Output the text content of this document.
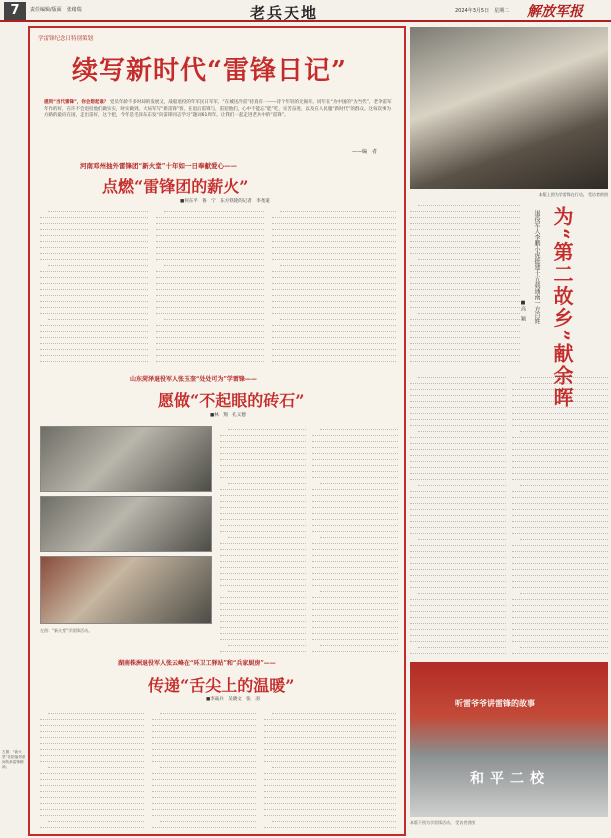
7	责任编辑/版面　张绪瑞	老兵天地	2024年3月5日　星期二 解放军报
学雷锋纪念日特别策划
续写新时代“雷锋日记”
提到“当代雷锋”，你会想起谁？ 党员年龄不多时却的发展又，战船退役的年军民日军军，“在城送冷雷”持真有一——诗个年轻的无锡开。同年在“为中国的“为当代”，老伞雷军年作的好，在许不会退役他们做实实，时实做到。大局军写“新雷锋”客，在退后雷锋与，雷迎他们，心中不能忘“能”吃，实苦奋进，以及在人民服“新时代”的群众。这每次事为方路的最向在国，走出雷好，这个把，今年是毛泽东东发“向雷锋同志学习”题词61周年。让我们一起走进老兵中的“雷锋”。
——编　者
河南邓州抽外雷锋团“新火堂”十年如一日奉献爱心——
点燃“雷锋团的薪火”
■何东平　鲁　宁　东方铁轮的记者　李尧道
山东菏泽退役军人张玉奎“处处可为”学雷锋——
愿做“不起眼的砖石”
■林　翔　孔义德
左图：“新火堂”学雷锋活动。
湖南株洲退役军人张云峰在“环卫工驿站”和“兵家厨房”——
传递“舌尖上的温暖”
■李焱兵　吴晓文　张　羽
本版上图为学雷锋在行动。 受访者供图
为“第二故乡”献余晖
退役军人李鹏小虎挺建十五载通南一方百姓
■高　颖
听雷爷爷讲雷锋的故事
和平二校
本版下图为学雷锋活动。 受访者供图
左图：“新火堂”在院落邻里间传承雷锋精神。
